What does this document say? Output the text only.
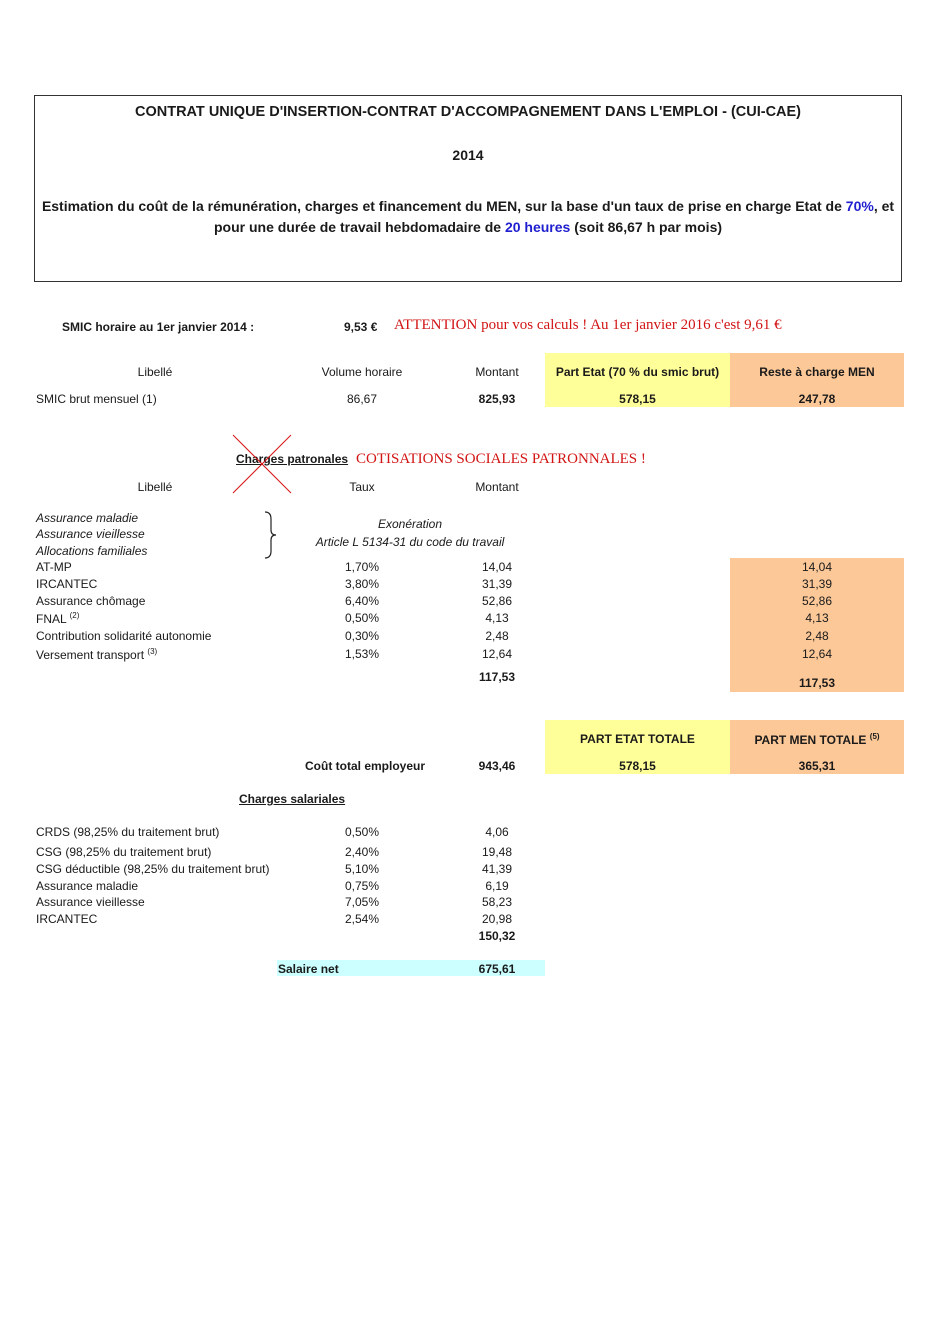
CONTRAT UNIQUE D'INSERTION-CONTRAT D'ACCOMPAGNEMENT DANS L'EMPLOI - (CUI-CAE)
2014
Estimation du coût de la rémunération, charges et financement du MEN, sur la base d'un taux de prise en charge Etat de 70%, et
pour une durée de travail hebdomadaire de 20 heures (soit 86,67 h par mois)
SMIC horaire au 1er janvier 2014 :	9,53 € ATTENTION pour vos calculs ! Au 1er janvier 2016 c'est 9,61 €
Libellé	Volume horaire	Montant	Part Etat (70 % du smic brut)	Reste à charge MEN
SMIC brut mensuel (1)	86,67	825,93	578,15	247,78
Charges patronales COTISATIONS SOCIALES PATRONNALES !
Libellé	Taux	Montant
Assurance maladie
Assurance vieillesse
Allocations familiales
Exonération
Article L 5134-31 du code du travail
AT-MP	1,70%	14,04	14,04
IRCANTEC	3,80%	31,39	31,39
Assurance chômage	6,40%	52,86	52,86
FNAL $^{(2)}$	0,50%	4,13	4,13
Contribution solidarité autonomie	0,30%	2,48	2,48
Versement transport $^{(3)}$	1,53%	12,64	12,64
117,53	117,53
PART ETAT TOTALE	PART MEN TOTALE $^{(5)}$
Coût total employeur	943,46	578,15	365,31
Charges salariales
CRDS (98,25% du traitement brut)	0,50%	4,06
CSG (98,25% du traitement brut)	2,40%	19,48
CSG déductible (98,25% du traitement brut)	5,10%	41,39
Assurance maladie	0,75%	6,19
Assurance vieillesse	7,05%	58,23
IRCANTEC	2,54%	20,98
150,32
Salaire net	675,61
